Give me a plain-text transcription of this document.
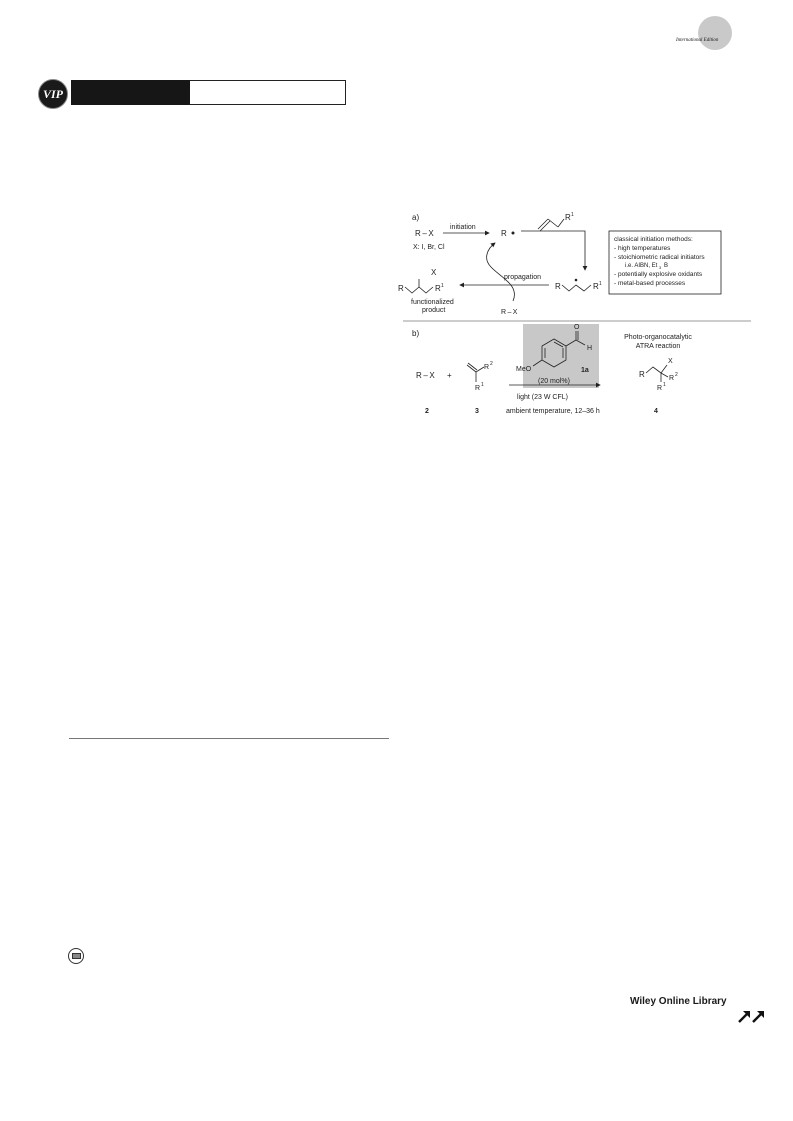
International Edition
VIP
a)
R – X
initiation
R
X: I, Br, Cl
R 1
classical initiation methods:
- high temperatures
- stoichiometric radical initiators
i.e. AIBN, Et B
3
- potentially explosive oxidants
- metal-based processes
R	R 1
propagation
R – X
R
X
R 1
functionalized
product
b)
O
H
MeO	1a
(20 mol%)
R – X +
R 2
R 1
light (23 W CFL)
ambient temperature, 12–36 h
Photo-organocatalytic
ATRA reaction
R
X
R 2
R 1
2	3	4
Wiley Online Library
